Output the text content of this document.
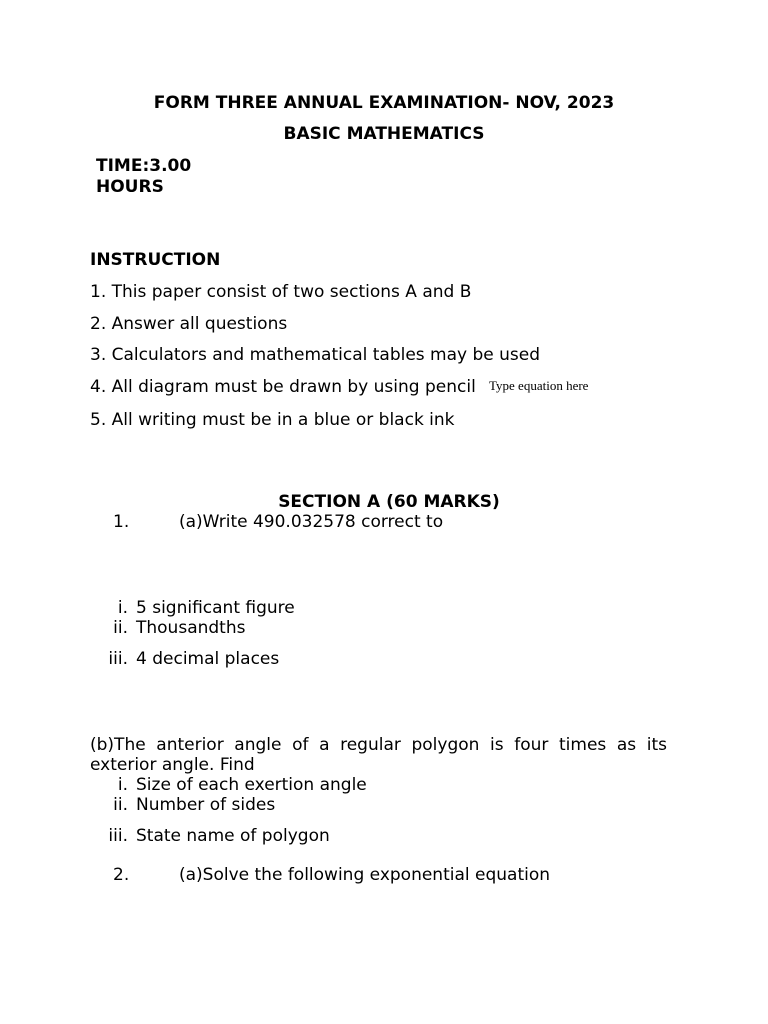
FORM THREE ANNUAL EXAMINATION- NOV, 2023
BASIC MATHEMATICS
TIME:3.00
HOURS
INSTRUCTION
1. This paper consist of two sections A and B
2. Answer all questions
3. Calculators and mathematical tables may be used
4. All diagram must be drawn by using pencil Type equation here
5. All writing must be in a blue or black ink
SECTION A (60 MARKS)
1.	(a)Write 490.032578 correct to
i. 5 significant figure
ii. Thousandths
iii. 4 decimal places
(b)The anterior angle of a regular polygon is four times as its exterior angle. Find
i. Size of each exertion angle
ii. Number of sides
iii. State name of polygon
2.	(a)Solve the following exponential equation
